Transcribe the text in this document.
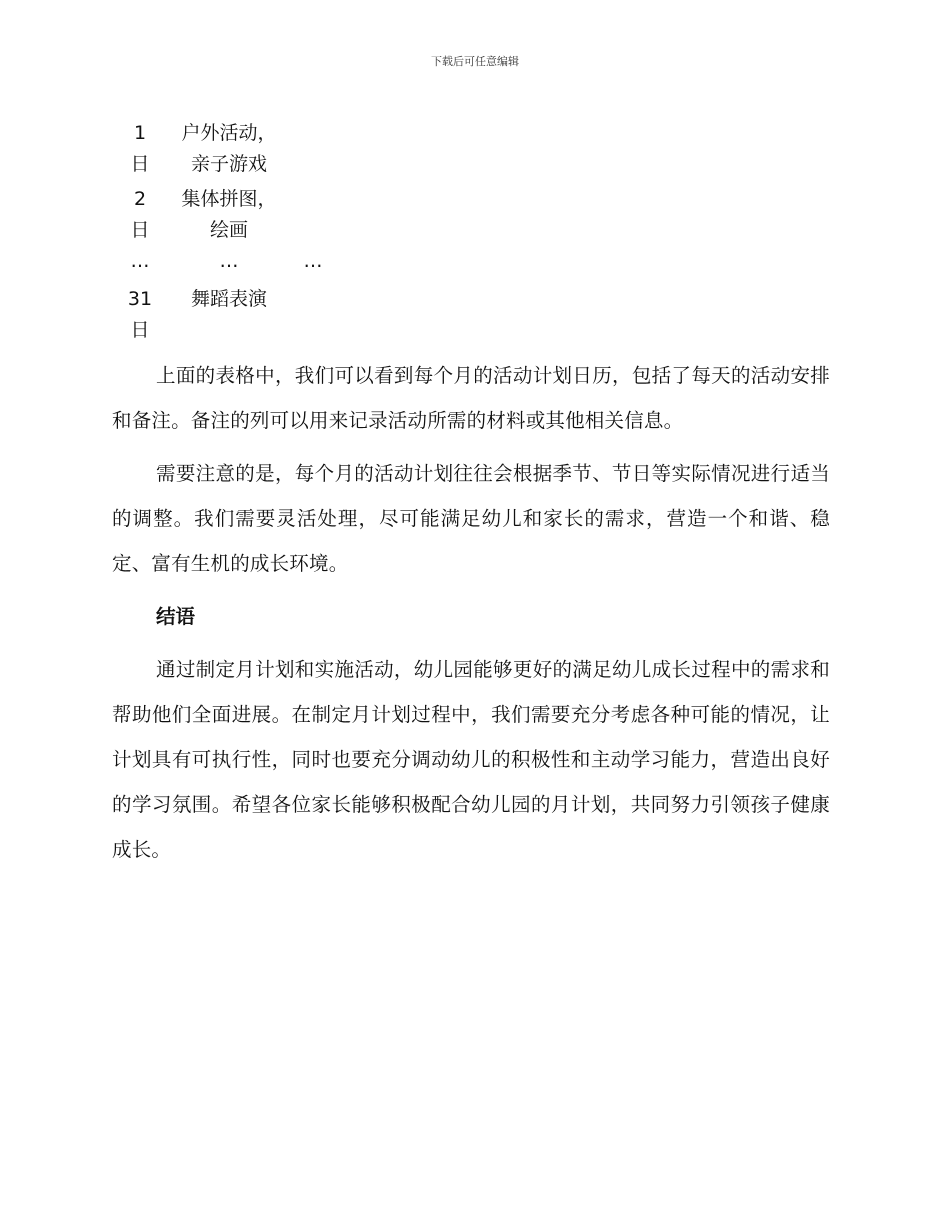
下载后可任意编辑
1
日
户外活动，
亲子游戏
2
日
集体拼图，
绘画
…	…	…
31
日
舞蹈表演

上面的表格中，我们可以看到每个月的活动计划日历，包括了每天的活动安排和备注。备注的列可以用来记录活动所需的材料或其他相关信息。

需要注意的是，每个月的活动计划往往会根据季节、节日等实际情况进行适当的调整。我们需要灵活处理，尽可能满足幼儿和家长的需求，营造一个和谐、稳定、富有生机的成长环境。

结语

通过制定月计划和实施活动，幼儿园能够更好的满足幼儿成长过程中的需求和帮助他们全面进展。在制定月计划过程中，我们需要充分考虑各种可能的情况，让计划具有可执行性，同时也要充分调动幼儿的积极性和主动学习能力，营造出良好的学习氛围。希望各位家长能够积极配合幼儿园的月计划，共同努力引领孩子健康成长。
